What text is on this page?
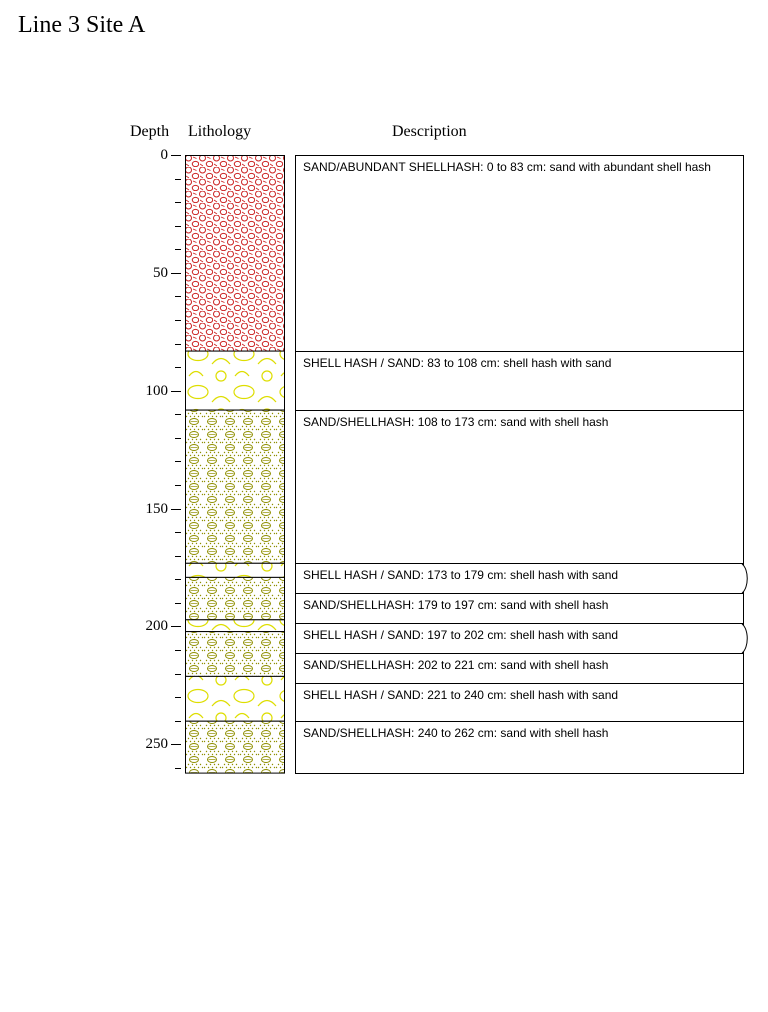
Line 3 Site A
Depth Lithology	Description
0
50
100
150
200
250
SAND/ABUNDANT SHELLHASH: 0 to 83 cm: sand with abundant shell hash
SHELL HASH / SAND: 83 to 108 cm: shell hash with sand
SAND/SHELLHASH: 108 to 173 cm: sand with shell hash
SHELL HASH / SAND: 173 to 179 cm: shell hash with sand
SAND/SHELLHASH: 179 to 197 cm: sand with shell hash
SHELL HASH / SAND: 197 to 202 cm: shell hash with sand
SAND/SHELLHASH: 202 to 221 cm: sand with shell hash
SHELL HASH / SAND: 221 to 240 cm: shell hash with sand
SAND/SHELLHASH: 240 to 262 cm: sand with shell hash
